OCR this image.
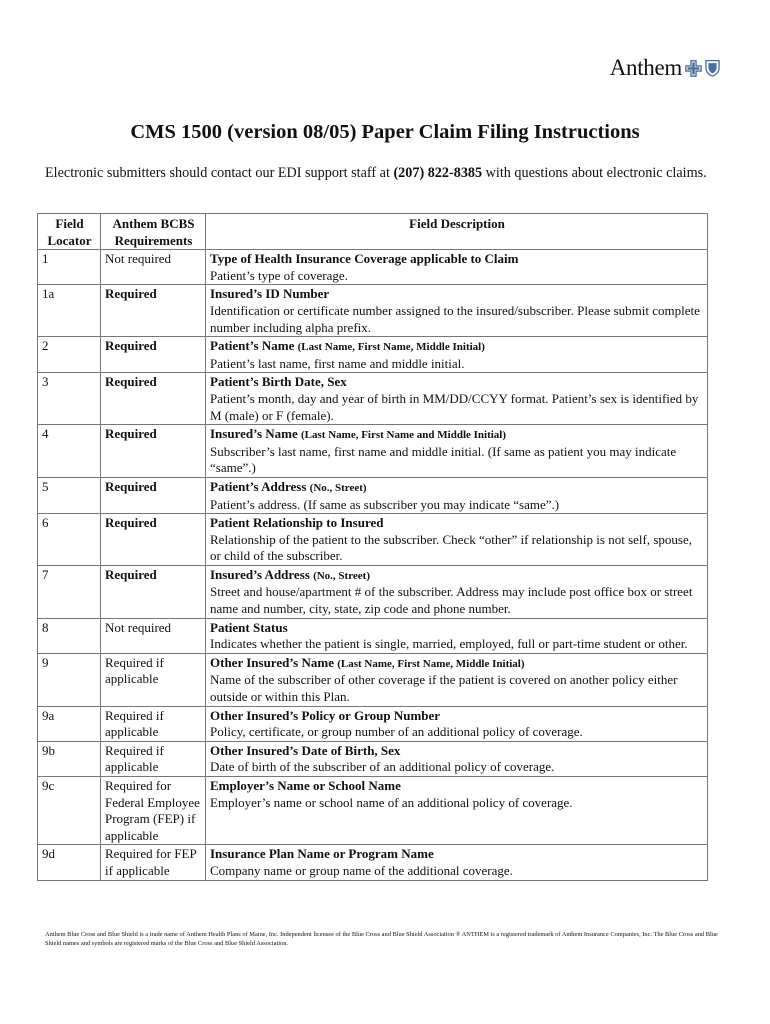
Anthem
CMS 1500 (version 08/05) Paper Claim Filing Instructions

Electronic submitters should contact our EDI support staff at (207) 822-8385 with questions about electronic claims.

Field Locator	Anthem BCBS Requirements	Field Description
1	Not required	Type of Health Insurance Coverage applicable to Claim
Patient’s type of coverage.

1a	Required	Insured’s ID Number
Identification or certificate number assigned to the insured/subscriber. Please submit complete number including alpha prefix.

2	Required	Patient’s Name (Last Name, First Name, Middle Initial)
Patient’s last name, first name and middle initial.

3	Required	Patient’s Birth Date, Sex
Patient’s month, day and year of birth in MM/DD/CCYY format. Patient’s sex is identified by M (male) or F (female).

4	Required	Insured’s Name (Last Name, First Name and Middle Initial)
Subscriber’s last name, first name and middle initial. (If same as patient you may indicate “same”.)

5	Required	Patient’s Address (No., Street)
Patient’s address. (If same as subscriber you may indicate “same”.)

6	Required	Patient Relationship to Insured
Relationship of the patient to the subscriber. Check “other” if relationship is not self, spouse, or child of the subscriber.

7	Required	Insured’s Address (No., Street)
Street and house/apartment # of the subscriber. Address may include post office box or street name and number, city, state, zip code and phone number.

8	Not required	Patient Status
Indicates whether the patient is single, married, employed, full or part-time student or other.

9	Required if applicable	Other Insured’s Name (Last Name, First Name, Middle Initial)
Name of the subscriber of other coverage if the patient is covered on another policy either outside or within this Plan.

9a	Required if applicable	Other Insured’s Policy or Group Number
Policy, certificate, or group number of an additional policy of coverage.

9b	Required if applicable	Other Insured’s Date of Birth, Sex
Date of birth of the subscriber of an additional policy of coverage.

9c	Required for Federal Employee Program (FEP) if applicable	Employer’s Name or School Name
Employer’s name or school name of an additional policy of coverage.

9d	Required for FEP if applicable	Insurance Plan Name or Program Name
Company name or group name of the additional coverage.

Anthem Blue Cross and Blue Shield is a trade name of Anthem Health Plans of Maine, Inc. Independent licensee of the Blue Cross and Blue Shield Association ® ANTHEM is a registered trademark of Anthem Insurance Companies, Inc. The Blue Cross and Blue Shield names and symbols are registered marks of the Blue Cross and Blue Shield Association.
